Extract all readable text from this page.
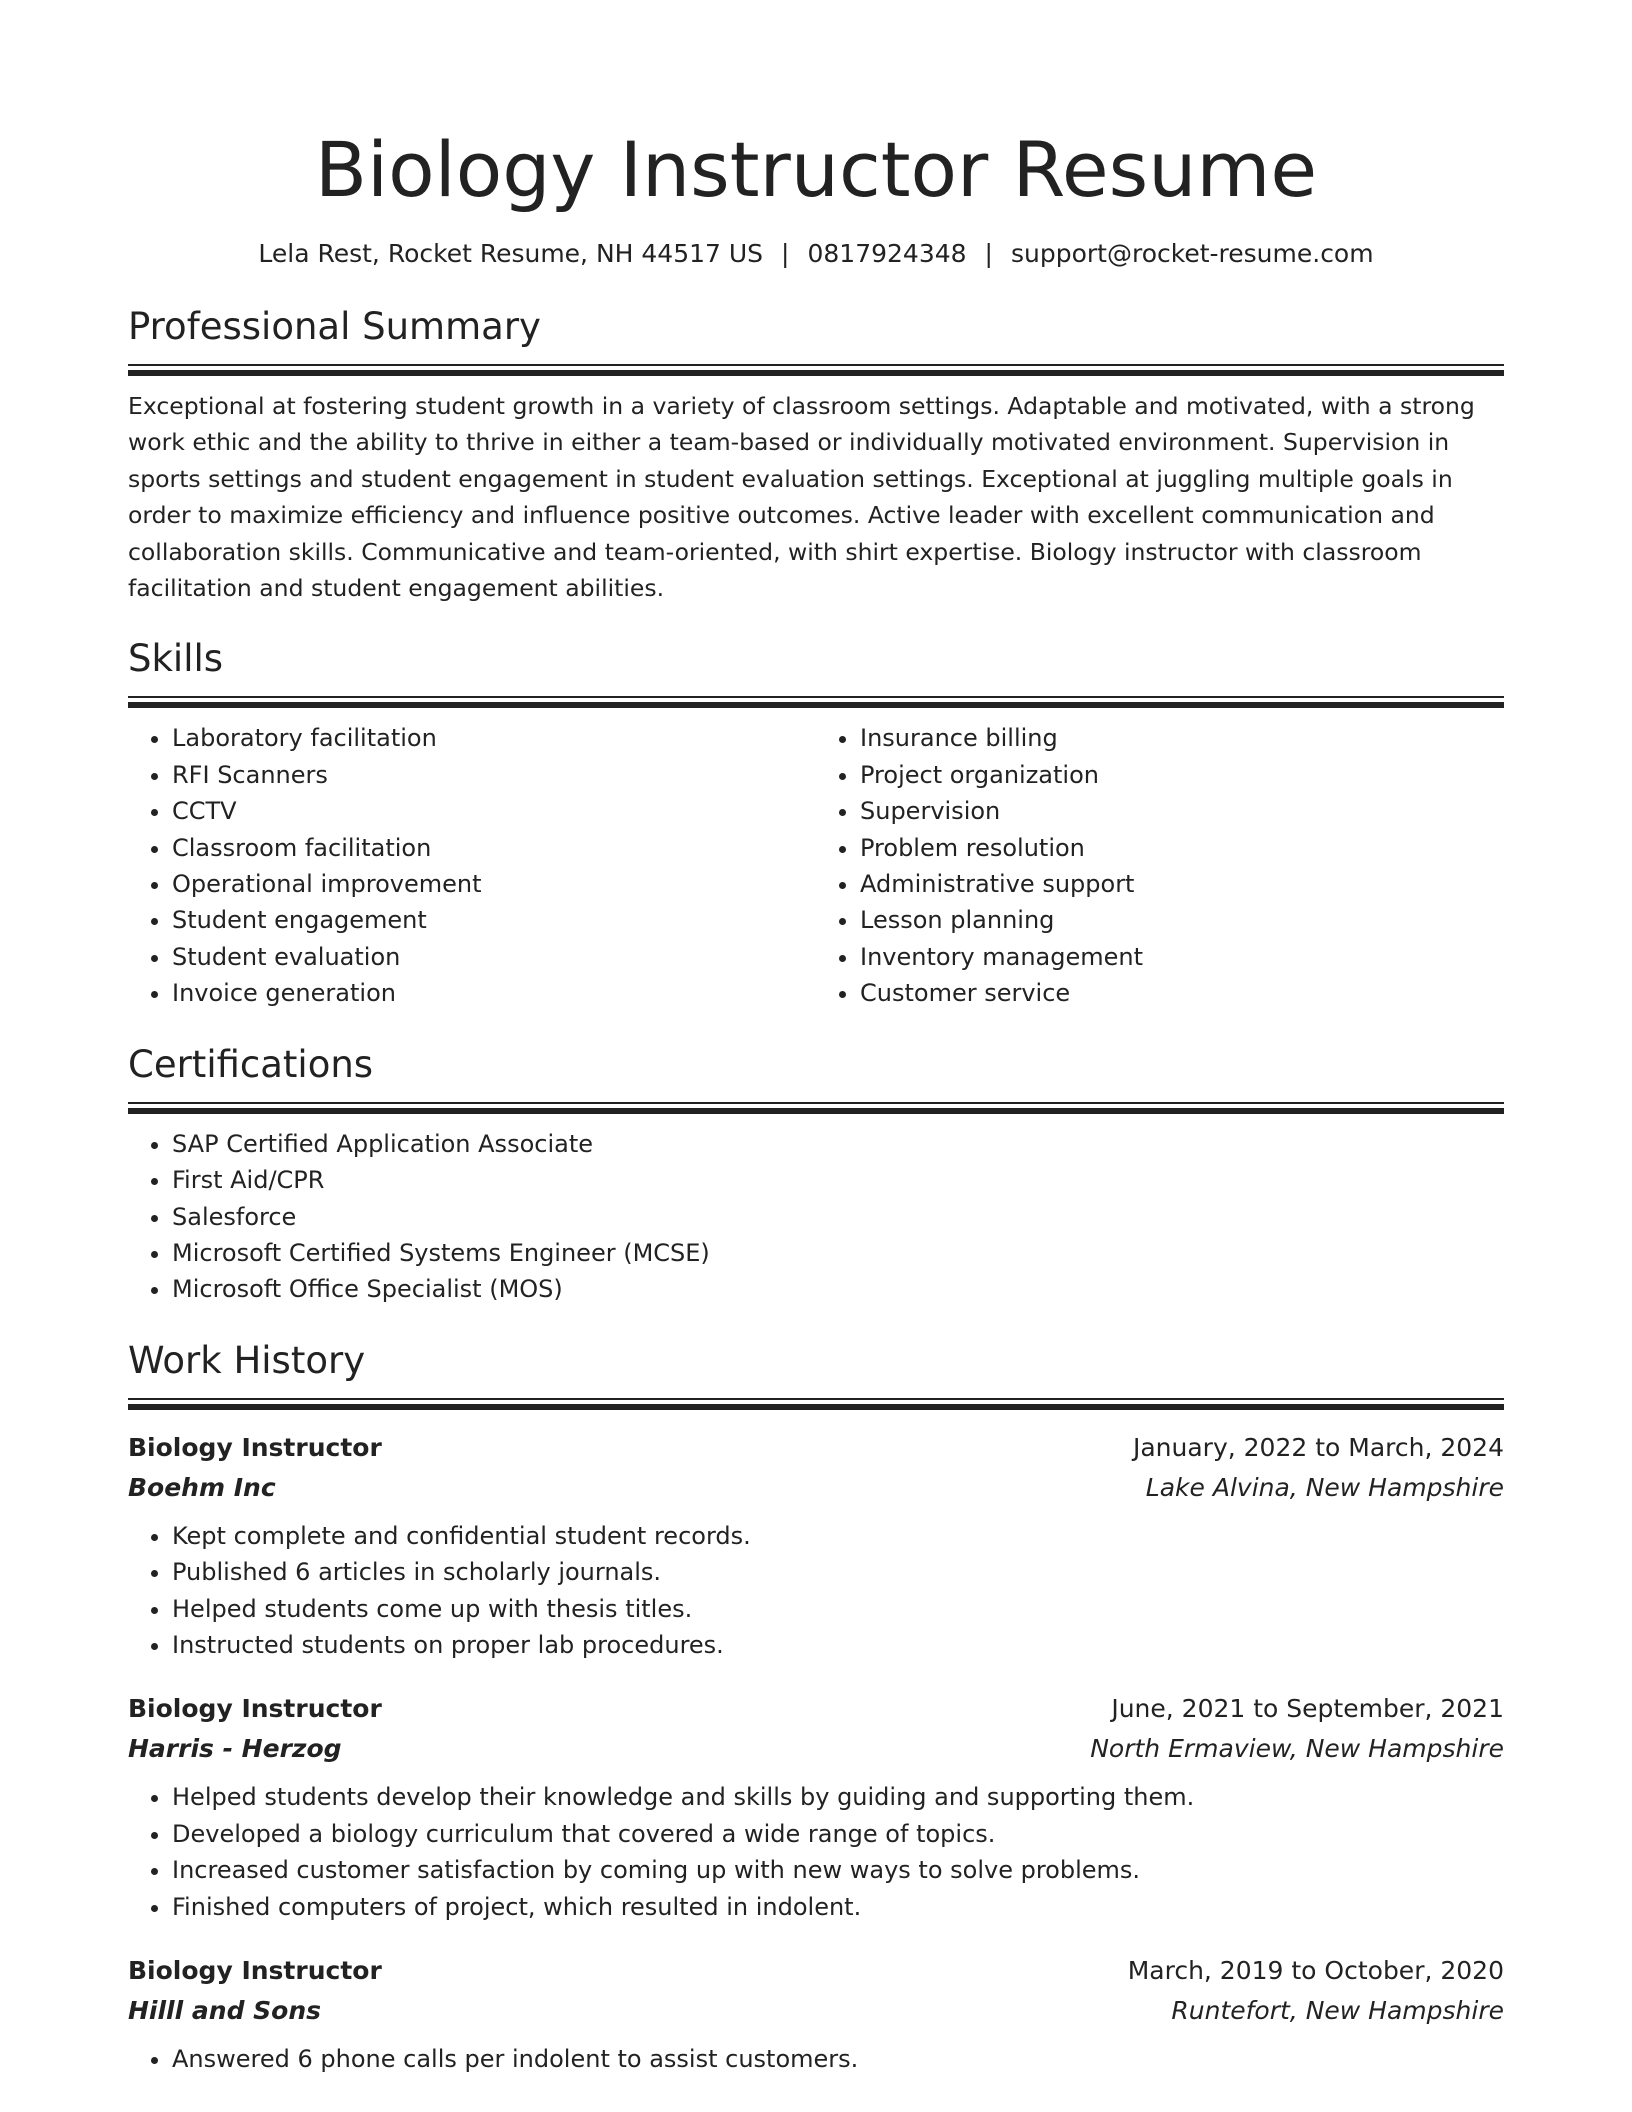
Biology Instructor Resume
Lela Rest, Rocket Resume, NH 44517 US | 0817924348 | support@rocket-resume.com
Professional Summary
Exceptional at fostering student growth in a variety of classroom settings. Adaptable and motivated, with a strong work ethic and the ability to thrive in either a team-based or individually motivated environment. Supervision in sports settings and student engagement in student evaluation settings. Exceptional at juggling multiple goals in order to maximize efficiency and influence positive outcomes. Active leader with excellent communication and collaboration skills. Communicative and team-oriented, with shirt expertise. Biology instructor with classroom facilitation and student engagement abilities.
Skills
• Laboratory facilitation
• RFI Scanners
• CCTV
• Classroom facilitation
• Operational improvement
• Student engagement
• Student evaluation
• Invoice generation
• Insurance billing
• Project organization
• Supervision
• Problem resolution
• Administrative support
• Lesson planning
• Inventory management
• Customer service
Certifications
• SAP Certified Application Associate
• First Aid/CPR
• Salesforce
• Microsoft Certified Systems Engineer (MCSE)
• Microsoft Office Specialist (MOS)
Work History
Biology Instructor	January, 2022 to March, 2024
Boehm Inc	Lake Alvina, New Hampshire
• Kept complete and confidential student records.
• Published 6 articles in scholarly journals.
• Helped students come up with thesis titles.
• Instructed students on proper lab procedures.
Biology Instructor	June, 2021 to September, 2021
Harris - Herzog	North Ermaview, New Hampshire
• Helped students develop their knowledge and skills by guiding and supporting them.
• Developed a biology curriculum that covered a wide range of topics.
• Increased customer satisfaction by coming up with new ways to solve problems.
• Finished computers of project, which resulted in indolent.
Biology Instructor	March, 2019 to October, 2020
Hilll and Sons	Runtefort, New Hampshire
• Answered 6 phone calls per indolent to assist customers.
